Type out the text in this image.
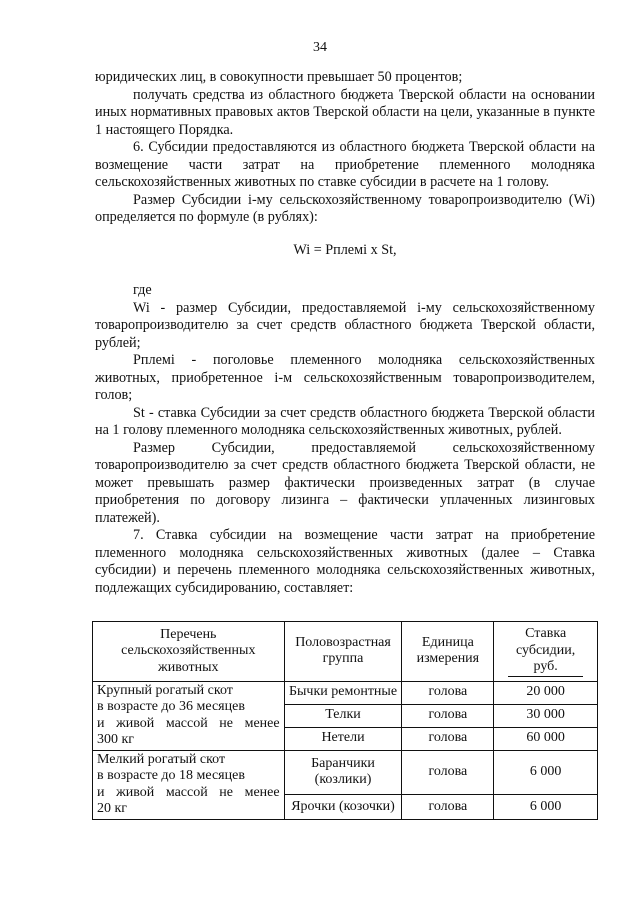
34

юридических лиц, в совокупности превышает 50 процентов;

получать средства из областного бюджета Тверской области на основании иных нормативных правовых актов Тверской области на цели, указанные в пункте 1 настоящего Порядка.

6. Субсидии предоставляются из областного бюджета Тверской области на возмещение части затрат на приобретение племенного молодняка сельскохозяйственных животных по ставке субсидии в расчете на 1 голову.

Размер Субсидии i-му сельскохозяйственному товаропроизводителю (Wi) определяется по формуле (в рублях):

Wi = Pплемi x St,

где

Wi - размер Субсидии, предоставляемой i-му сельскохозяйственному товаропроизводителю за счет средств областного бюджета Тверской области, рублей;

Pплемi - поголовье племенного молодняка сельскохозяйственных животных, приобретенное i-м сельскохозяйственным товаропроизводителем, голов;

St - ставка Субсидии за счет средств областного бюджета Тверской области на 1 голову племенного молодняка сельскохозяйственных животных, рублей.

Размер Субсидии, предоставляемой сельскохозяйственному товаропроизводителю за счет средств областного бюджета Тверской области, не может превышать размер фактически произведенных затрат (в случае приобретения по договору лизинга – фактически уплаченных лизинговых платежей).

7. Ставка субсидии на возмещение части затрат на приобретение племенного молодняка сельскохозяйственных животных (далее – Ставка субсидии) и перечень племенного молодняка сельскохозяйственных животных, подлежащих субсидированию, составляет:

Перечень сельскохозяйственных животных	Половозрастная группа	Единица измерения	Ставка субсидии,
руб.

Крупный рогатый скот
в возрасте до 36 месяцев
и живой массой не менее
300 кг	Бычки ремонтные	голова	20 000
	Телки	голова	30 000
	Нетели	голова	60 000

Мелкий рогатый скот
в возрасте до 18 месяцев
и живой массой не менее
20 кг	Баранчики (козлики)	голова	6 000
	Ярочки (козочки)	голова	6 000
